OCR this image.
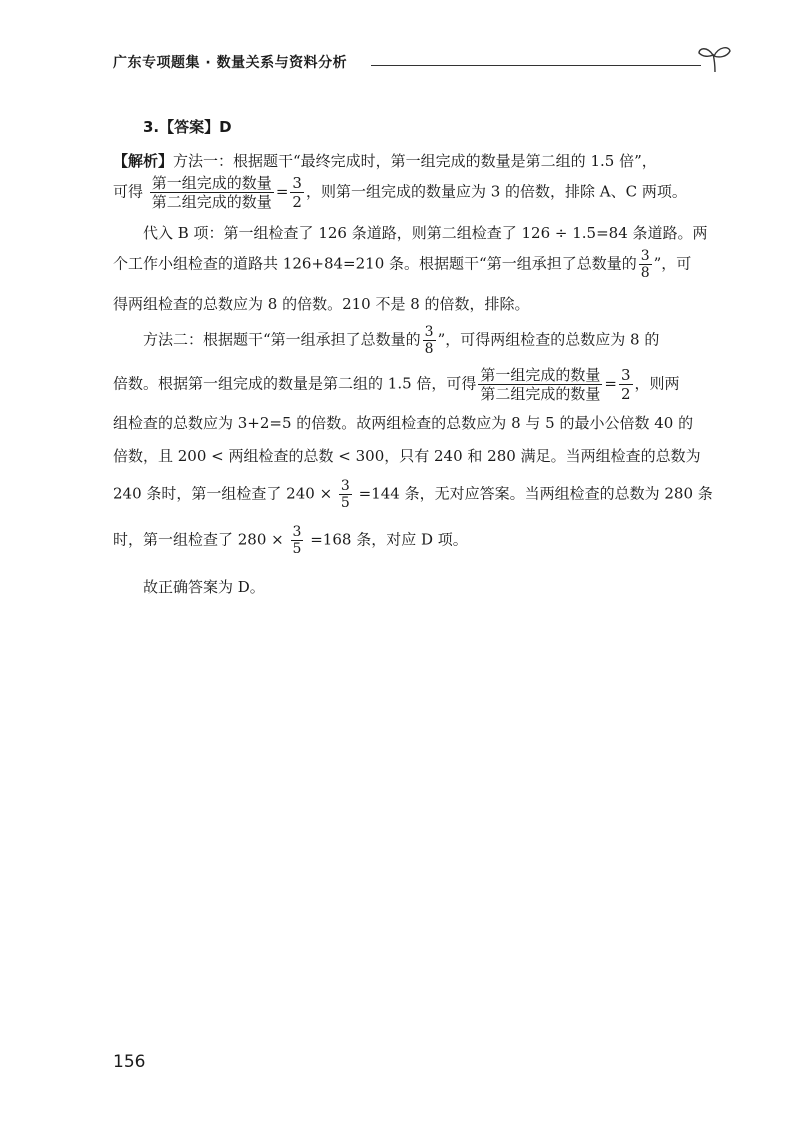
广东专项题集 · 数量关系与资料分析
3.【答案】D
【解析】方法一：根据题干“最终完成时，第一组完成的数量是第二组的 1.5 倍”，
可得 $\frac{\text{第一组完成的数量}}{\text{第二组完成的数量}} = \frac{3}{2}$ ，则第一组完成的数量应为 3 的倍数，排除 A、C 两项。
代入 B 项：第一组检查了 126 条道路，则第二组检查了 126 ÷ 1.5=84 条道路。两
个工作小组检查的道路共 126+84=210 条。根据题干“第一组承担了总数量的 $\frac{3}{8}$ ”，可
得两组检查的总数应为 8 的倍数。210 不是 8 的倍数，排除。
方法二：根据题干“第一组承担了总数量的 $\frac{3}{8}$ ”，可得两组检查的总数应为 8 的
倍数。根据第一组完成的数量是第二组的 1.5 倍，可得 $\frac{\text{第一组完成的数量}}{\text{第二组完成的数量}} = \frac{3}{2}$ ，则两
组检查的总数应为 3+2=5 的倍数。故两组检查的总数应为 8 与 5 的最小公倍数 40 的
倍数，且 200 < 两组检查的总数 < 300，只有 240 和 280 满足。当两组检查的总数为
240 条时，第一组检查了 $240 \times \frac{3}{5} =144$ 条，无对应答案。当两组检查的总数为 280 条
时，第一组检查了 $280 \times \frac{3}{5} =168$ 条，对应 D 项。
故正确答案为 D。
156
